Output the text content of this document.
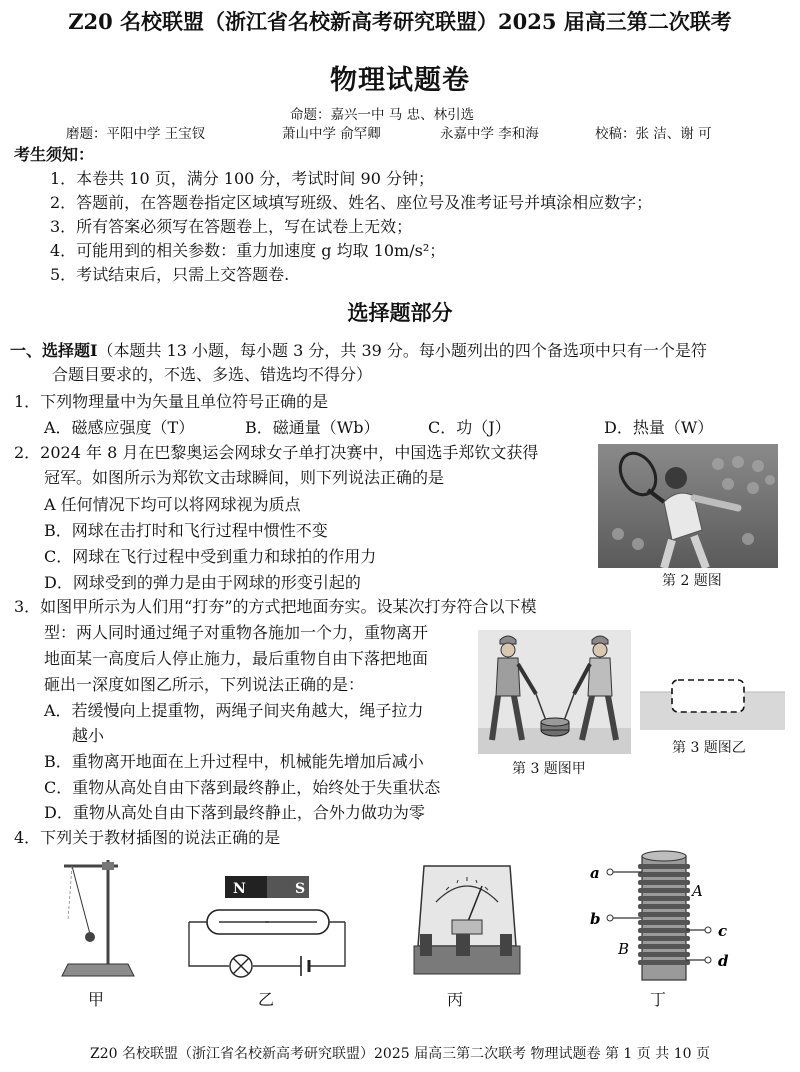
Z20 名校联盟（浙江省名校新高考研究联盟）2025 届高三第二次联考
物理试题卷
命题：嘉兴一中 马 忠、林引选
磨题：平阳中学 王宝钗	萧山中学 俞罕卿	永嘉中学 李和海	校稿：张 洁、谢 可
考生须知：
1．本卷共 10 页，满分 100 分，考试时间 90 分钟；
2．答题前，在答题卷指定区域填写班级、姓名、座位号及准考证号并填涂相应数字；
3．所有答案必须写在答题卷上，写在试卷上无效；
4．可能用到的相关参数：重力加速度 g 均取 10m/s²；
5．考试结束后，只需上交答题卷.
选择题部分
一、选择题Ⅰ（本题共 13 小题，每小题 3 分，共 39 分。每小题列出的四个备选项中只有一个是符
合题目要求的，不选、多选、错选均不得分）
1．下列物理量中为矢量且单位符号正确的是
A．磁感应强度（T）	B．磁通量（Wb）	C．功（J）	D．热量（W）
2．2024 年 8 月在巴黎奥运会网球女子单打决赛中，中国选手郑钦文获得
冠军。如图所示为郑钦文击球瞬间，则下列说法正确的是
A 任何情况下均可以将网球视为质点
B．网球在击打时和飞行过程中惯性不变
C．网球在飞行过程中受到重力和球拍的作用力
D．网球受到的弹力是由于网球的形变引起的	第 2 题图
3．如图甲所示为人们用“打夯”的方式把地面夯实。设某次打夯符合以下模
型：两人同时通过绳子对重物各施加一个力，重物离开
地面某一高度后人停止施力，最后重物自由下落把地面
砸出一深度如图乙所示，下列说法正确的是：
A．若缓慢向上提重物，两绳子间夹角越大，绳子拉力
越小
B．重物离开地面在上升过程中，机械能先增加后减小
C．重物从高处自由下落到最终静止，始终处于失重状态
D．重物从高处自由下落到最终静止，合外力做功为零
第 3 题图甲
第 3 题图乙
4．下列关于教材插图的说法正确的是
甲
N	S
乙	丙
a
b
c
d
A
B
丁
Z20 名校联盟（浙江省名校新高考研究联盟）2025 届高三第二次联考 物理试题卷 第 1 页 共 10 页
